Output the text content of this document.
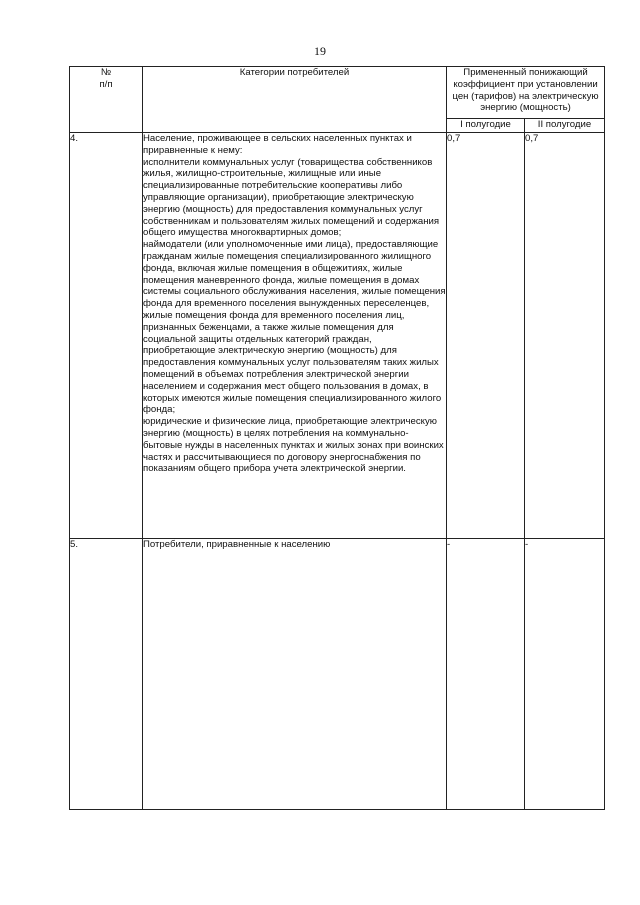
19
№
п/п	Категории потребителей	Примененный понижающий коэффициент при установлении цен (тарифов) на электрическую энергию (мощность)	
		I полугодие	II полугодие
4.	Население, проживающее в сельских населенных пунктах и приравненные к нему:
исполнители коммунальных услуг (товарищества собственников жилья, жилищно-строительные, жилищные или иные специализированные потребительские кооперативы либо управляющие организации), приобретающие электрическую энергию (мощность) для предоставления коммунальных услуг собственникам и пользователям жилых помещений и содержания общего имущества многоквартирных домов;
наймодатели (или уполномоченные ими лица), предоставляющие гражданам жилые помещения специализированного жилищного фонда, включая жилые помещения в общежитиях, жилые помещения маневренного фонда, жилые помещения в домах системы социального обслуживания населения, жилые помещения фонда для временного поселения вынужденных переселенцев, жилые помещения фонда для временного поселения лиц, признанных беженцами, а также жилые помещения для социальной защиты отдельных категорий граждан, приобретающие электрическую энергию (мощность) для предоставления коммунальных услуг пользователям таких жилых помещений в объемах потребления электрической энергии населением и содержания мест общего пользования в домах, в которых имеются жилые помещения специализированного жилого фонда;
юридические и физические лица, приобретающие электрическую энергию (мощность) в целях потребления на коммунально-бытовые нужды в населенных пунктах и жилых зонах при воинских частях и рассчитывающиеся по договору энергоснабжения по показаниям общего прибора учета электрической энергии.	0,7	0,7
5.	Потребители, приравненные к населению	-	-
